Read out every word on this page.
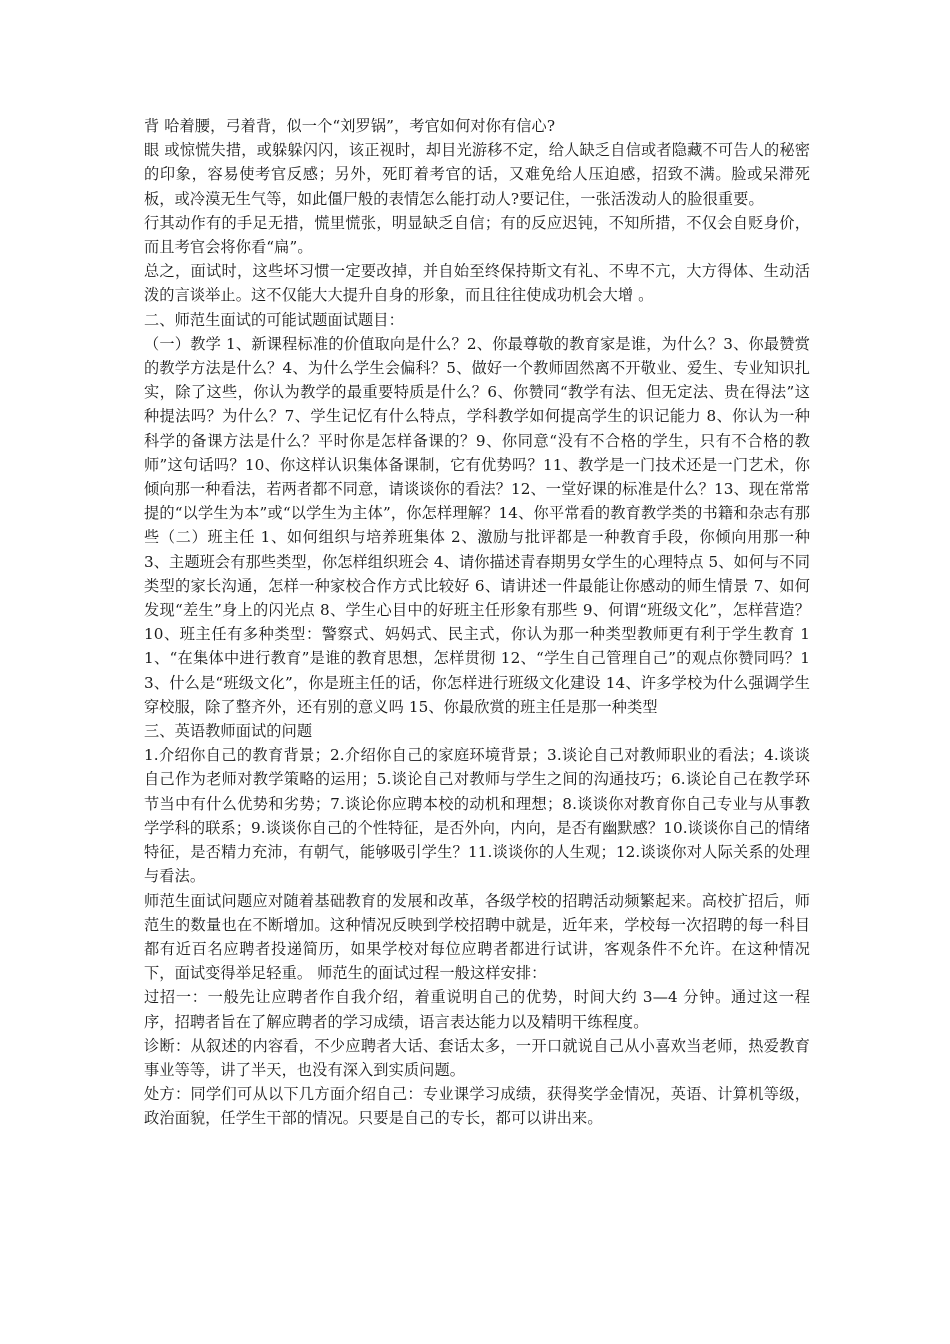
背 哈着腰，弓着背，似一个“刘罗锅”，考官如何对你有信心?

眼 或惊慌失措，或躲躲闪闪，该正视时，却目光游移不定，给人缺乏自信或者隐藏不可告人的秘密的印象，容易使考官反感；另外，死盯着考官的话，又难免给人压迫感，招致不满。脸或呆滞死板，或冷漠无生气等，如此僵尸般的表情怎么能打动人?要记住，一张活泼动人的脸很重要。

行其动作有的手足无措，慌里慌张，明显缺乏自信；有的反应迟钝，不知所措，不仅会自贬身价，而且考官会将你看“扁”。

总之，面试时，这些坏习惯一定要改掉，并自始至终保持斯文有礼、不卑不亢，大方得体、生动活泼的言谈举止。这不仅能大大提升自身的形象，而且往往使成功机会大增 。

二、师范生面试的可能试题面试题目：

（一）教学 1、新课程标准的价值取向是什么？2、你最尊敬的教育家是谁，为什么？3、你最赞赏的教学方法是什么？4、为什么学生会偏科？5、做好一个教师固然离不开敬业、爱生、专业知识扎实，除了这些，你认为教学的最重要特质是什么？6、你赞同“教学有法、但无定法、贵在得法”这种提法吗？为什么？7、学生记忆有什么特点，学科教学如何提高学生的识记能力 8、你认为一种科学的备课方法是什么？平时你是怎样备课的？9、你同意“没有不合格的学生，只有不合格的教师”这句话吗？10、你这样认识集体备课制，它有优势吗？11、教学是一门技术还是一门艺术，你倾向那一种看法，若两者都不同意，请谈谈你的看法？12、一堂好课的标准是什么？13、现在常常提的“以学生为本”或“以学生为主体”，你怎样理解？14、你平常看的教育教学类的书籍和杂志有那些（二）班主任 1、如何组织与培养班集体 2、激励与批评都是一种教育手段，你倾向用那一种 3、主题班会有那些类型，你怎样组织班会 4、请你描述青春期男女学生的心理特点 5、如何与不同类型的家长沟通，怎样一种家校合作方式比较好 6、请讲述一件最能让你感动的师生情景 7、如何发现“差生”身上的闪光点 8、学生心目中的好班主任形象有那些 9、何谓“班级文化”，怎样营造？10、班主任有多种类型：警察式、妈妈式、民主式，你认为那一种类型教师更有利于学生教育 11、“在集体中进行教育”是谁的教育思想，怎样贯彻 12、“学生自己管理自己”的观点你赞同吗？13、什么是“班级文化”，你是班主任的话，你怎样进行班级文化建设 14、许多学校为什么强调学生穿校服，除了整齐外，还有别的意义吗 15、你最欣赏的班主任是那一种类型

三、英语教师面试的问题

1.介绍你自己的教育背景；2.介绍你自己的家庭环境背景；3.谈论自己对教师职业的看法；4.谈谈自己作为老师对教学策略的运用；5.谈论自己对教师与学生之间的沟通技巧；6.谈论自己在教学环节当中有什么优势和劣势；7.谈论你应聘本校的动机和理想；8.谈谈你对教育你自己专业与从事教学学科的联系；9.谈谈你自己的个性特征，是否外向，内向，是否有幽默感？10.谈谈你自己的情绪特征，是否精力充沛，有朝气，能够吸引学生？11.谈谈你的人生观；12.谈谈你对人际关系的处理与看法。

师范生面试问题应对随着基础教育的发展和改革，各级学校的招聘活动频繁起来。高校扩招后，师范生的数量也在不断增加。这种情况反映到学校招聘中就是，近年来，学校每一次招聘的每一科目都有近百名应聘者投递简历，如果学校对每位应聘者都进行试讲，客观条件不允许。在这种情况下，面试变得举足轻重。 师范生的面试过程一般这样安排：

过招一：一般先让应聘者作自我介绍，着重说明自己的优势，时间大约 3—4 分钟。通过这一程序，招聘者旨在了解应聘者的学习成绩，语言表达能力以及精明干练程度。

诊断：从叙述的内容看，不少应聘者大话、套话太多，一开口就说自己从小喜欢当老师，热爱教育事业等等，讲了半天，也没有深入到实质问题。

处方：同学们可从以下几方面介绍自己：专业课学习成绩，获得奖学金情况，英语、计算机等级，政治面貌，任学生干部的情况。只要是自己的专长，都可以讲出来。
